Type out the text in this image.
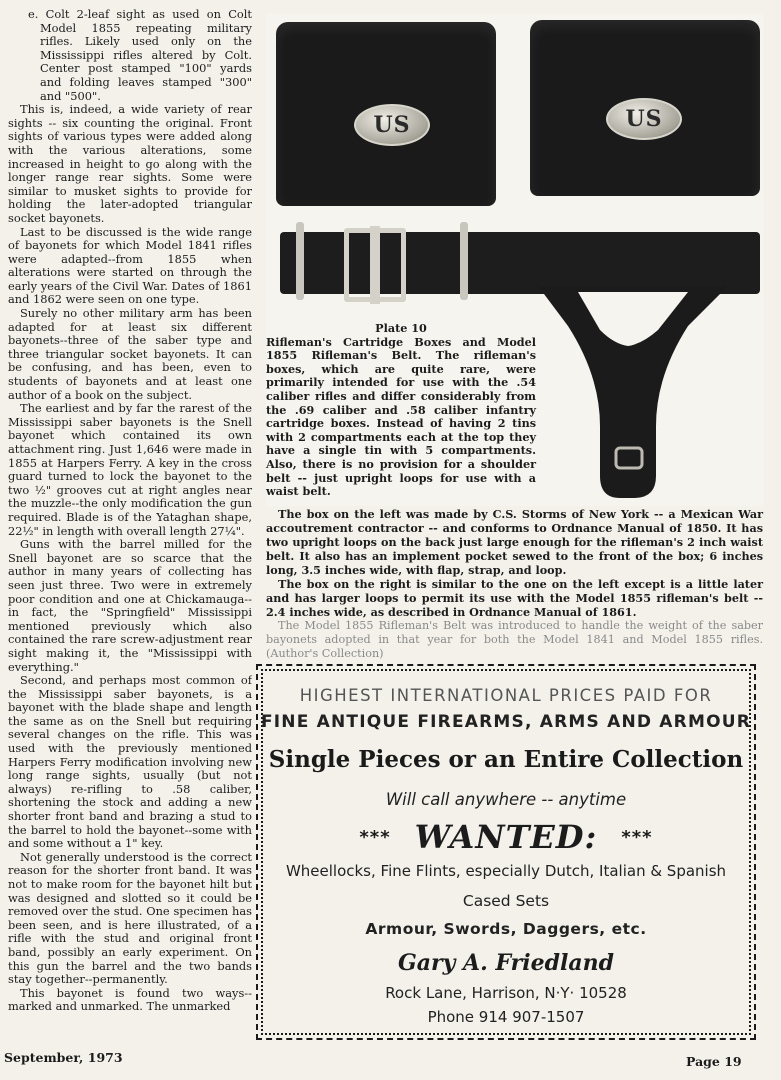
e. Colt 2-leaf sight as used on Colt Model 1855 repeating military rifles. Likely used only on the Mississippi rifles altered by Colt. Center post stamped "100" yards and folding leaves stamped "300" and "500".

This is, indeed, a wide variety of rear sights -- six counting the original. Front sights of various types were added along with the various alterations, some increased in height to go along with the longer range rear sights. Some were similar to musket sights to provide for holding the later-adopted triangular socket bayonets.

Last to be discussed is the wide range of bayonets for which Model 1841 rifles were adapted--from 1855 when alterations were started on through the early years of the Civil War. Dates of 1861 and 1862 were seen on one type.

Surely no other military arm has been adapted for at least six different bayonets--three of the saber type and three triangular socket bayonets. It can be confusing, and has been, even to students of bayonets and at least one author of a book on the subject.

The earliest and by far the rarest of the Mississippi saber bayonets is the Snell bayonet which contained its own attachment ring. Just 1,646 were made in 1855 at Harpers Ferry. A key in the cross guard turned to lock the bayonet to the two ½" grooves cut at right angles near the muzzle--the only modification the gun required. Blade is of the Yataghan shape, 22½" in length with overall length 27¼".

Guns with the barrel milled for the Snell bayonet are so scarce that the author in many years of collecting has seen just three. Two were in extremely poor condition and one at Chickamauga--in fact, the "Springfield" Mississippi mentioned previously which also contained the rare screw-adjustment rear sight making it, the "Mississippi with everything."

Second, and perhaps most common of the Mississippi saber bayonets, is a bayonet with the blade shape and length the same as on the Snell but requiring several changes on the rifle. This was used with the previously mentioned Harpers Ferry modification involving new long range sights, usually (but not always) re-rifling to .58 caliber, shortening the stock and adding a new shorter front band and brazing a stud to the barrel to hold the bayonet--some with and some without a 1" key.

Not generally understood is the correct reason for the shorter front band. It was not to make room for the bayonet hilt but was designed and slotted so it could be removed over the stud. One specimen has been seen, and is here illustrated, of a rifle with the stud and original front band, possibly an early experiment. On this gun the barrel and the two bands stay together--permanently.

This bayonet is found two ways--marked and unmarked. The unmarked

US	US
Plate 10
Rifleman's Cartridge Boxes and Model 1855 Rifleman's Belt. The rifleman's boxes, which are quite rare, were primarily intended for use with the .54 caliber rifles and differ considerably from the .69 caliber and .58 caliber infantry cartridge boxes. Instead of having 2 tins with 2 compartments each at the top they have a single tin with 5 compartments. Also, there is no provision for a shoulder belt -- just upright loops for use with a waist belt.

The box on the left was made by C.S. Storms of New York -- a Mexican War accoutrement contractor -- and conforms to Ordnance Manual of 1850. It has two upright loops on the back just large enough for the rifleman's 2 inch waist belt. It also has an implement pocket sewed to the front of the box; 6 inches long, 3.5 inches wide, with flap, strap, and loop.

The box on the right is similar to the one on the left except is a little later and has larger loops to permit its use with the Model 1855 rifleman's belt -- 2.4 inches wide, as described in Ordnance Manual of 1861.

The Model 1855 Rifleman's Belt was introduced to handle the weight of the saber bayonets adopted in that year for both the Model 1841 and Model 1855 rifles. (Author's Collection)

HIGHEST INTERNATIONAL PRICES PAID FOR
FINE ANTIQUE FIREARMS, ARMS AND ARMOUR
Single Pieces or an Entire Collection
Will call anywhere -- anytime
*** WANTED: ***
Wheellocks, Fine Flints, especially Dutch, Italian & Spanish
Cased Sets
Armour, Swords, Daggers, etc.
Gary A. Friedland
Rock Lane, Harrison, N·Y· 10528
Phone 914 907-1507
September, 1973	Page 19
